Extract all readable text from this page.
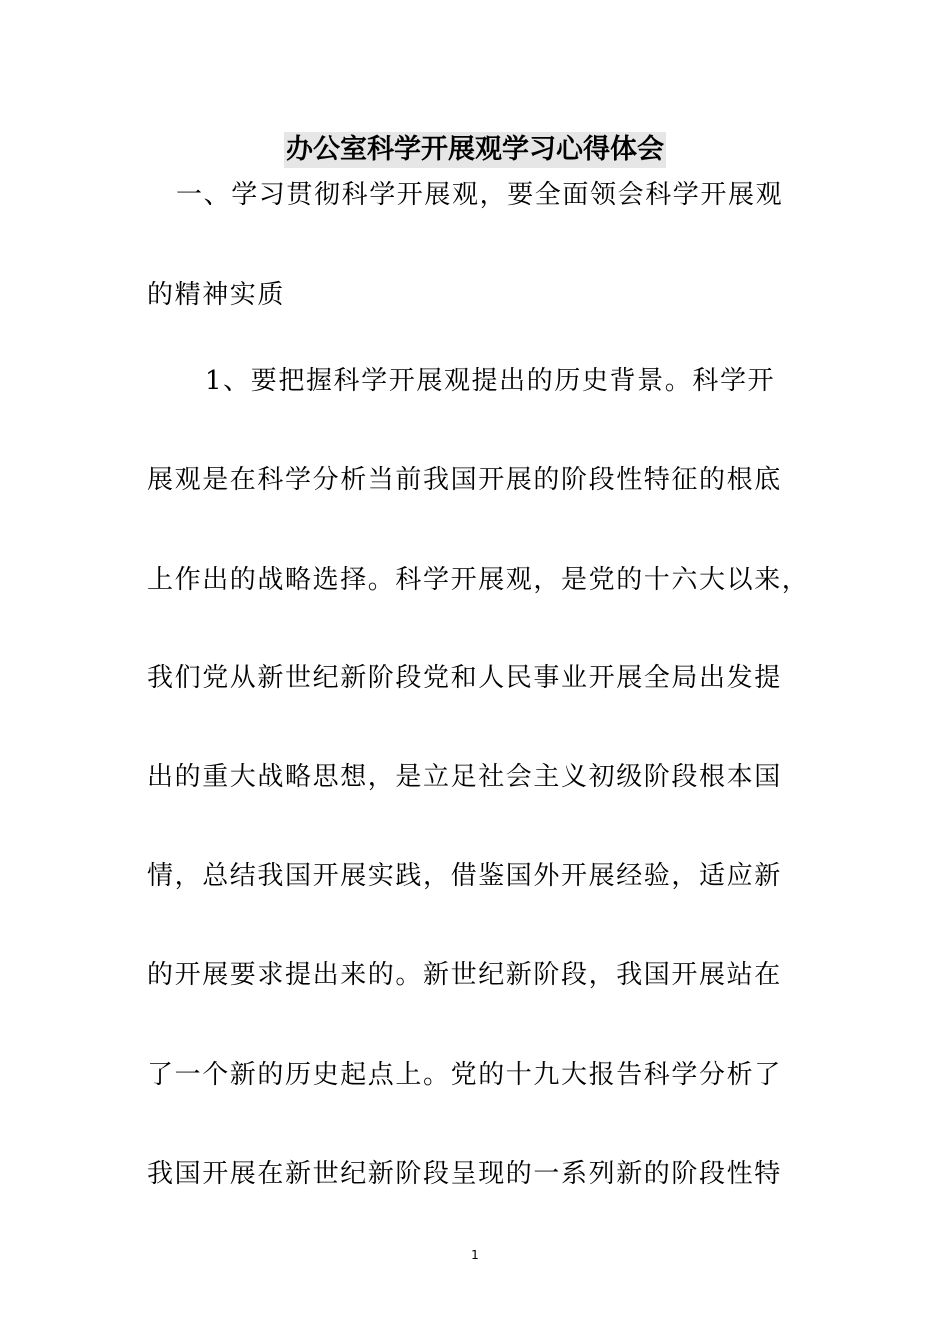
办公室科学开展观学习心得体会
一、学习贯彻科学开展观，要全面领会科学开展观
的精神实质
1、要把握科学开展观提出的历史背景。科学开
展观是在科学分析当前我国开展的阶段性特征的根底
上作出的战略选择。科学开展观，是党的十六大以来，
我们党从新世纪新阶段党和人民事业开展全局出发提
出的重大战略思想，是立足社会主义初级阶段根本国
情，总结我国开展实践，借鉴国外开展经验，适应新
的开展要求提出来的。新世纪新阶段，我国开展站在
了一个新的历史起点上。党的十九大报告科学分析了
我国开展在新世纪新阶段呈现的一系列新的阶段性特
1
